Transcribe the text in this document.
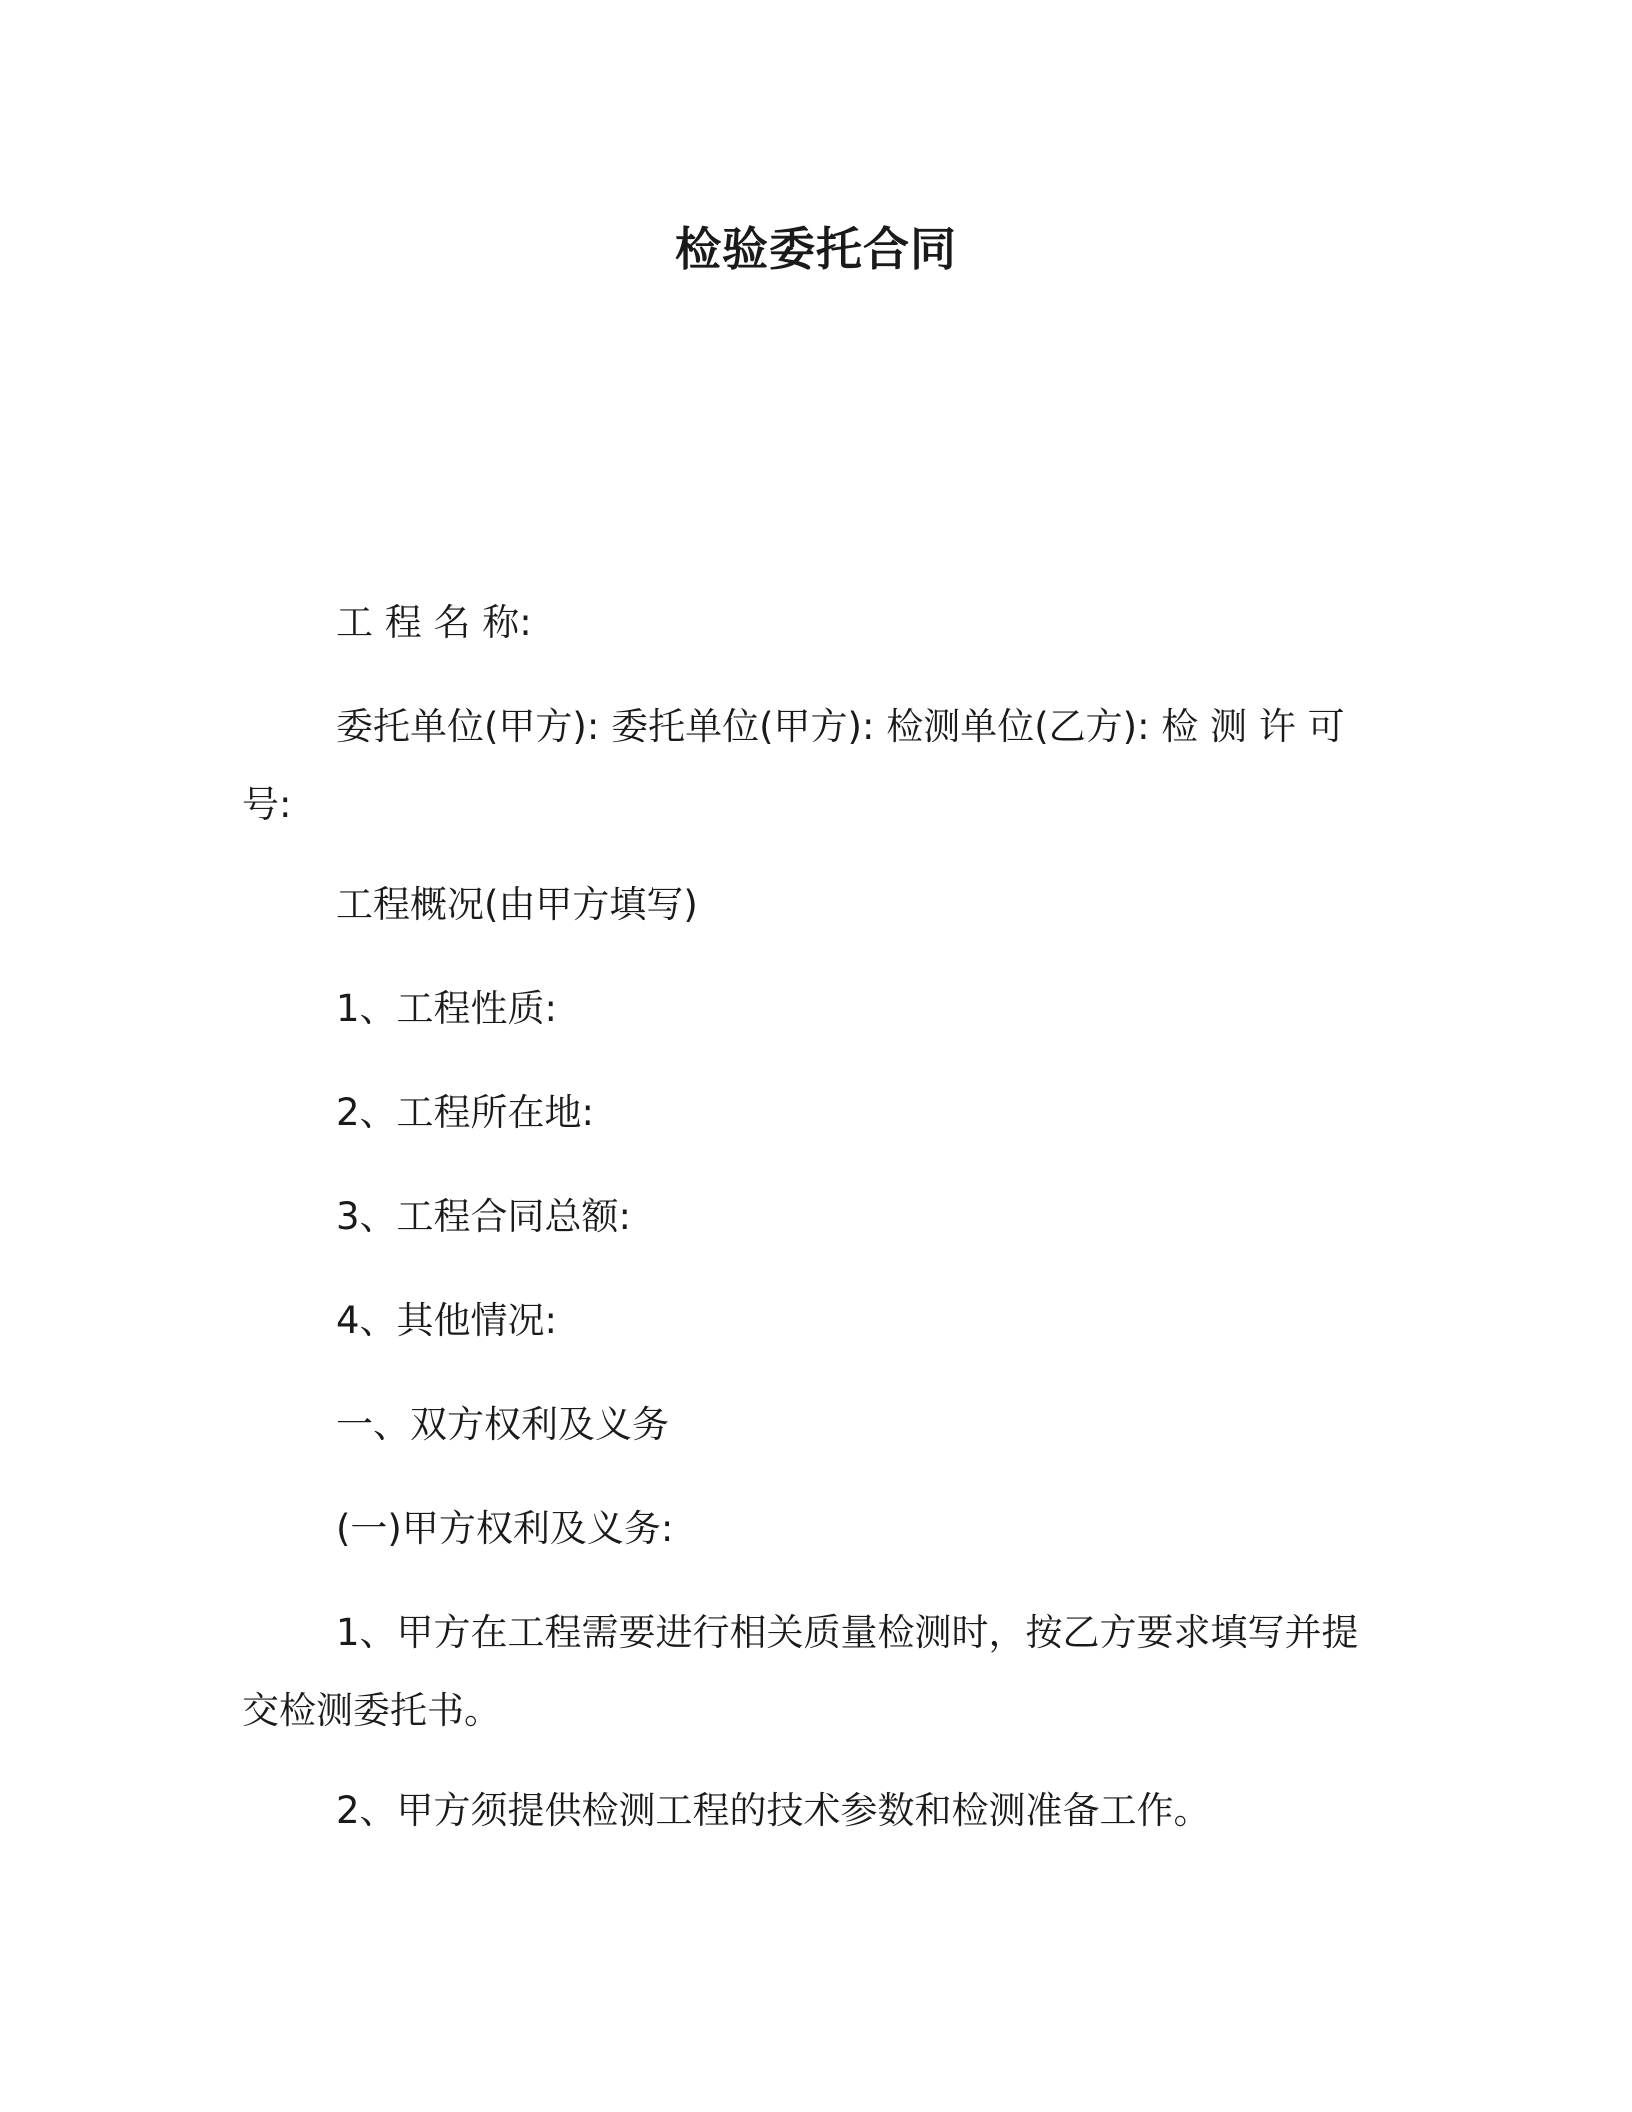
检验委托合同

工 程 名 称:

委托单位(甲方): 委托单位(甲方): 检测单位(乙方): 检 测 许 可 号:

工程概况(由甲方填写)

1、工程性质:

2、工程所在地:

3、工程合同总额:

4、其他情况:

一、双方权利及义务

(一)甲方权利及义务:

1、甲方在工程需要进行相关质量检测时，按乙方要求填写并提交检测委托书。

2、甲方须提供检测工程的技术参数和检测准备工作。
